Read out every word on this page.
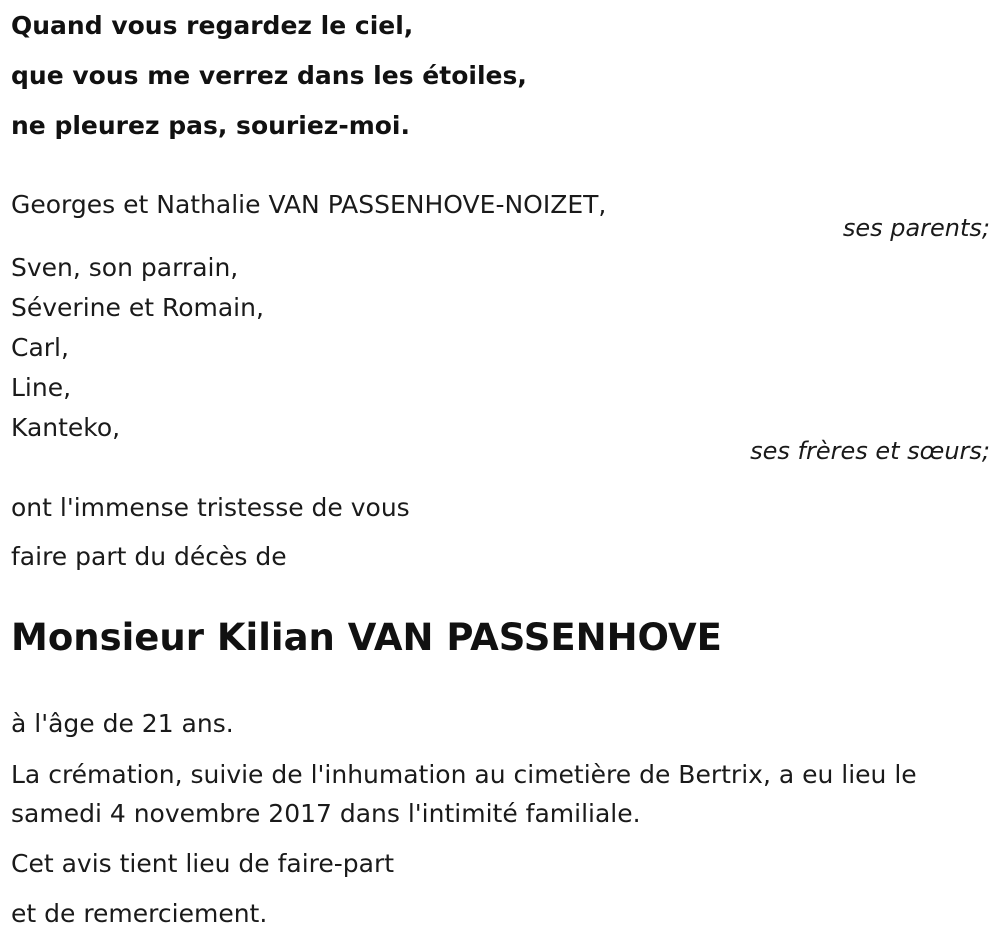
Quand vous regardez le ciel,
que vous me verrez dans les étoiles,
ne pleurez pas, souriez-moi.
Georges et Nathalie VAN PASSENHOVE-NOIZET,
ses parents;
Sven, son parrain,
Séverine et Romain,
Carl,
Line,
Kanteko,
ses frères et sœurs;
ont l'immense tristesse de vous
faire part du décès de
Monsieur Kilian VAN PASSENHOVE
à l'âge de 21 ans.
La crémation, suivie de l'inhumation au cimetière de Bertrix, a eu lieu le
samedi 4 novembre 2017 dans l'intimité familiale.
Cet avis tient lieu de faire-part
et de remerciement.
